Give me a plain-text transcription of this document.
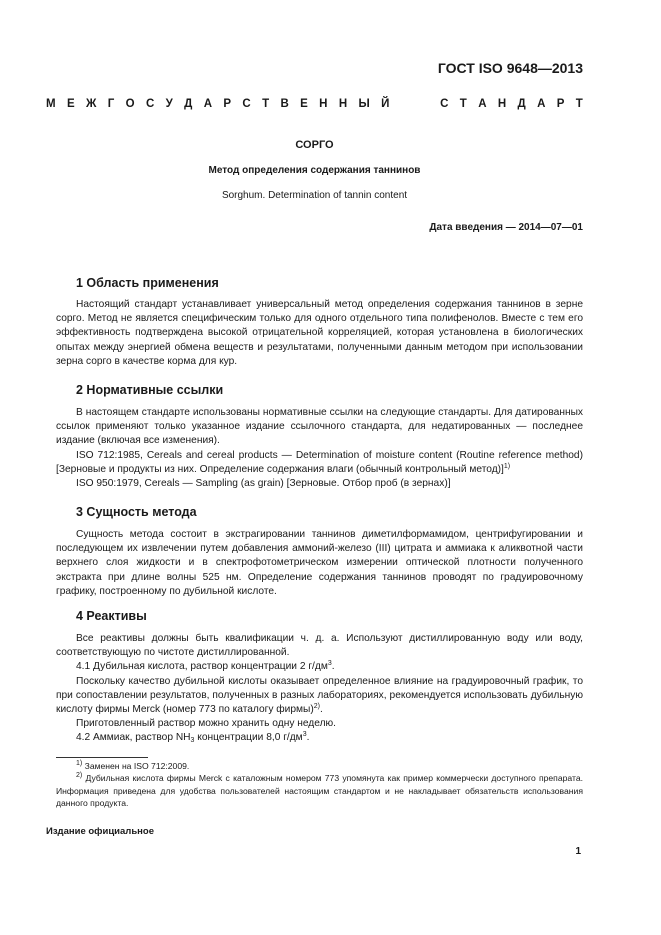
ГОСТ ISO 9648—2013
М Е Ж Г О С У Д А Р С Т В Е Н Н Ы Й	С Т А Н Д А Р Т
СОРГО
Метод определения содержания таннинов
Sorghum. Determination of tannin content
Дата введения — 2014—07—01
1 Область применения

Настоящий стандарт устанавливает универсальный метод определения содержания таннинов в зерне сорго. Метод не является специфическим только для одного отдельного типа полифенолов. Вместе с тем его эффективность подтверждена высокой отрицательной корреляцией, которая установлена в биологических опытах между энергией обмена веществ и результатами, полученными данным методом при использовании зерна сорго в качестве корма для кур.

2 Нормативные ссылки

В настоящем стандарте использованы нормативные ссылки на следующие стандарты. Для датированных ссылок применяют только указанное издание ссылочного стандарта, для недатированных — последнее издание (включая все изменения).

ISO 712:1985, Cereals and cereal products — Determination of moisture content (Routine reference method) [Зерновые и продукты из них. Определение содержания влаги (обычный контрольный метод)]$^{1)}$

ISO 950:1979, Cereals — Sampling (as grain) [Зерновые. Отбор проб (в зернах)]

3 Сущность метода

Сущность метода состоит в экстрагировании таннинов диметилформамидом, центрифугировании и последующем их извлечении путем добавления аммоний-железо (III) цитрата и аммиака к аликвотной части верхнего слоя жидкости и в спектрофотометрическом измерении оптической плотности полученного экстракта при длине волны 525 нм. Определение содержания таннинов проводят по градуировочному графику, построенному по дубильной кислоте.

4 Реактивы

Все реактивы должны быть квалификации ч. д. а. Используют дистиллированную воду или воду, соответствующую по чистоте дистиллированной.

4.1 Дубильная кислота, раствор концентрации 2 $г/дм^3$.

Поскольку качество дубильной кислоты оказывает определенное влияние на градуировочный график, то при сопоставлении результатов, полученных в разных лабораториях, рекомендуется использовать дубильную кислоту фирмы Merck (номер 773 по каталогу фирмы)$^{2)}$.

Приготовленный раствор можно хранить одну неделю.

4.2 Аммиак, раствор $NH_3$ концентрации 8,0 $г/дм^3$.

$^{1)}$ Заменен на ISO 712:2009.

$^{2)}$ Дубильная кислота фирмы Merck с каталожным номером 773 упомянута как пример коммерчески доступного препарата. Информация приведена для удобства пользователей настоящим стандартом и не накладывает обязательств использования данного продукта.

Издание официальное
1
